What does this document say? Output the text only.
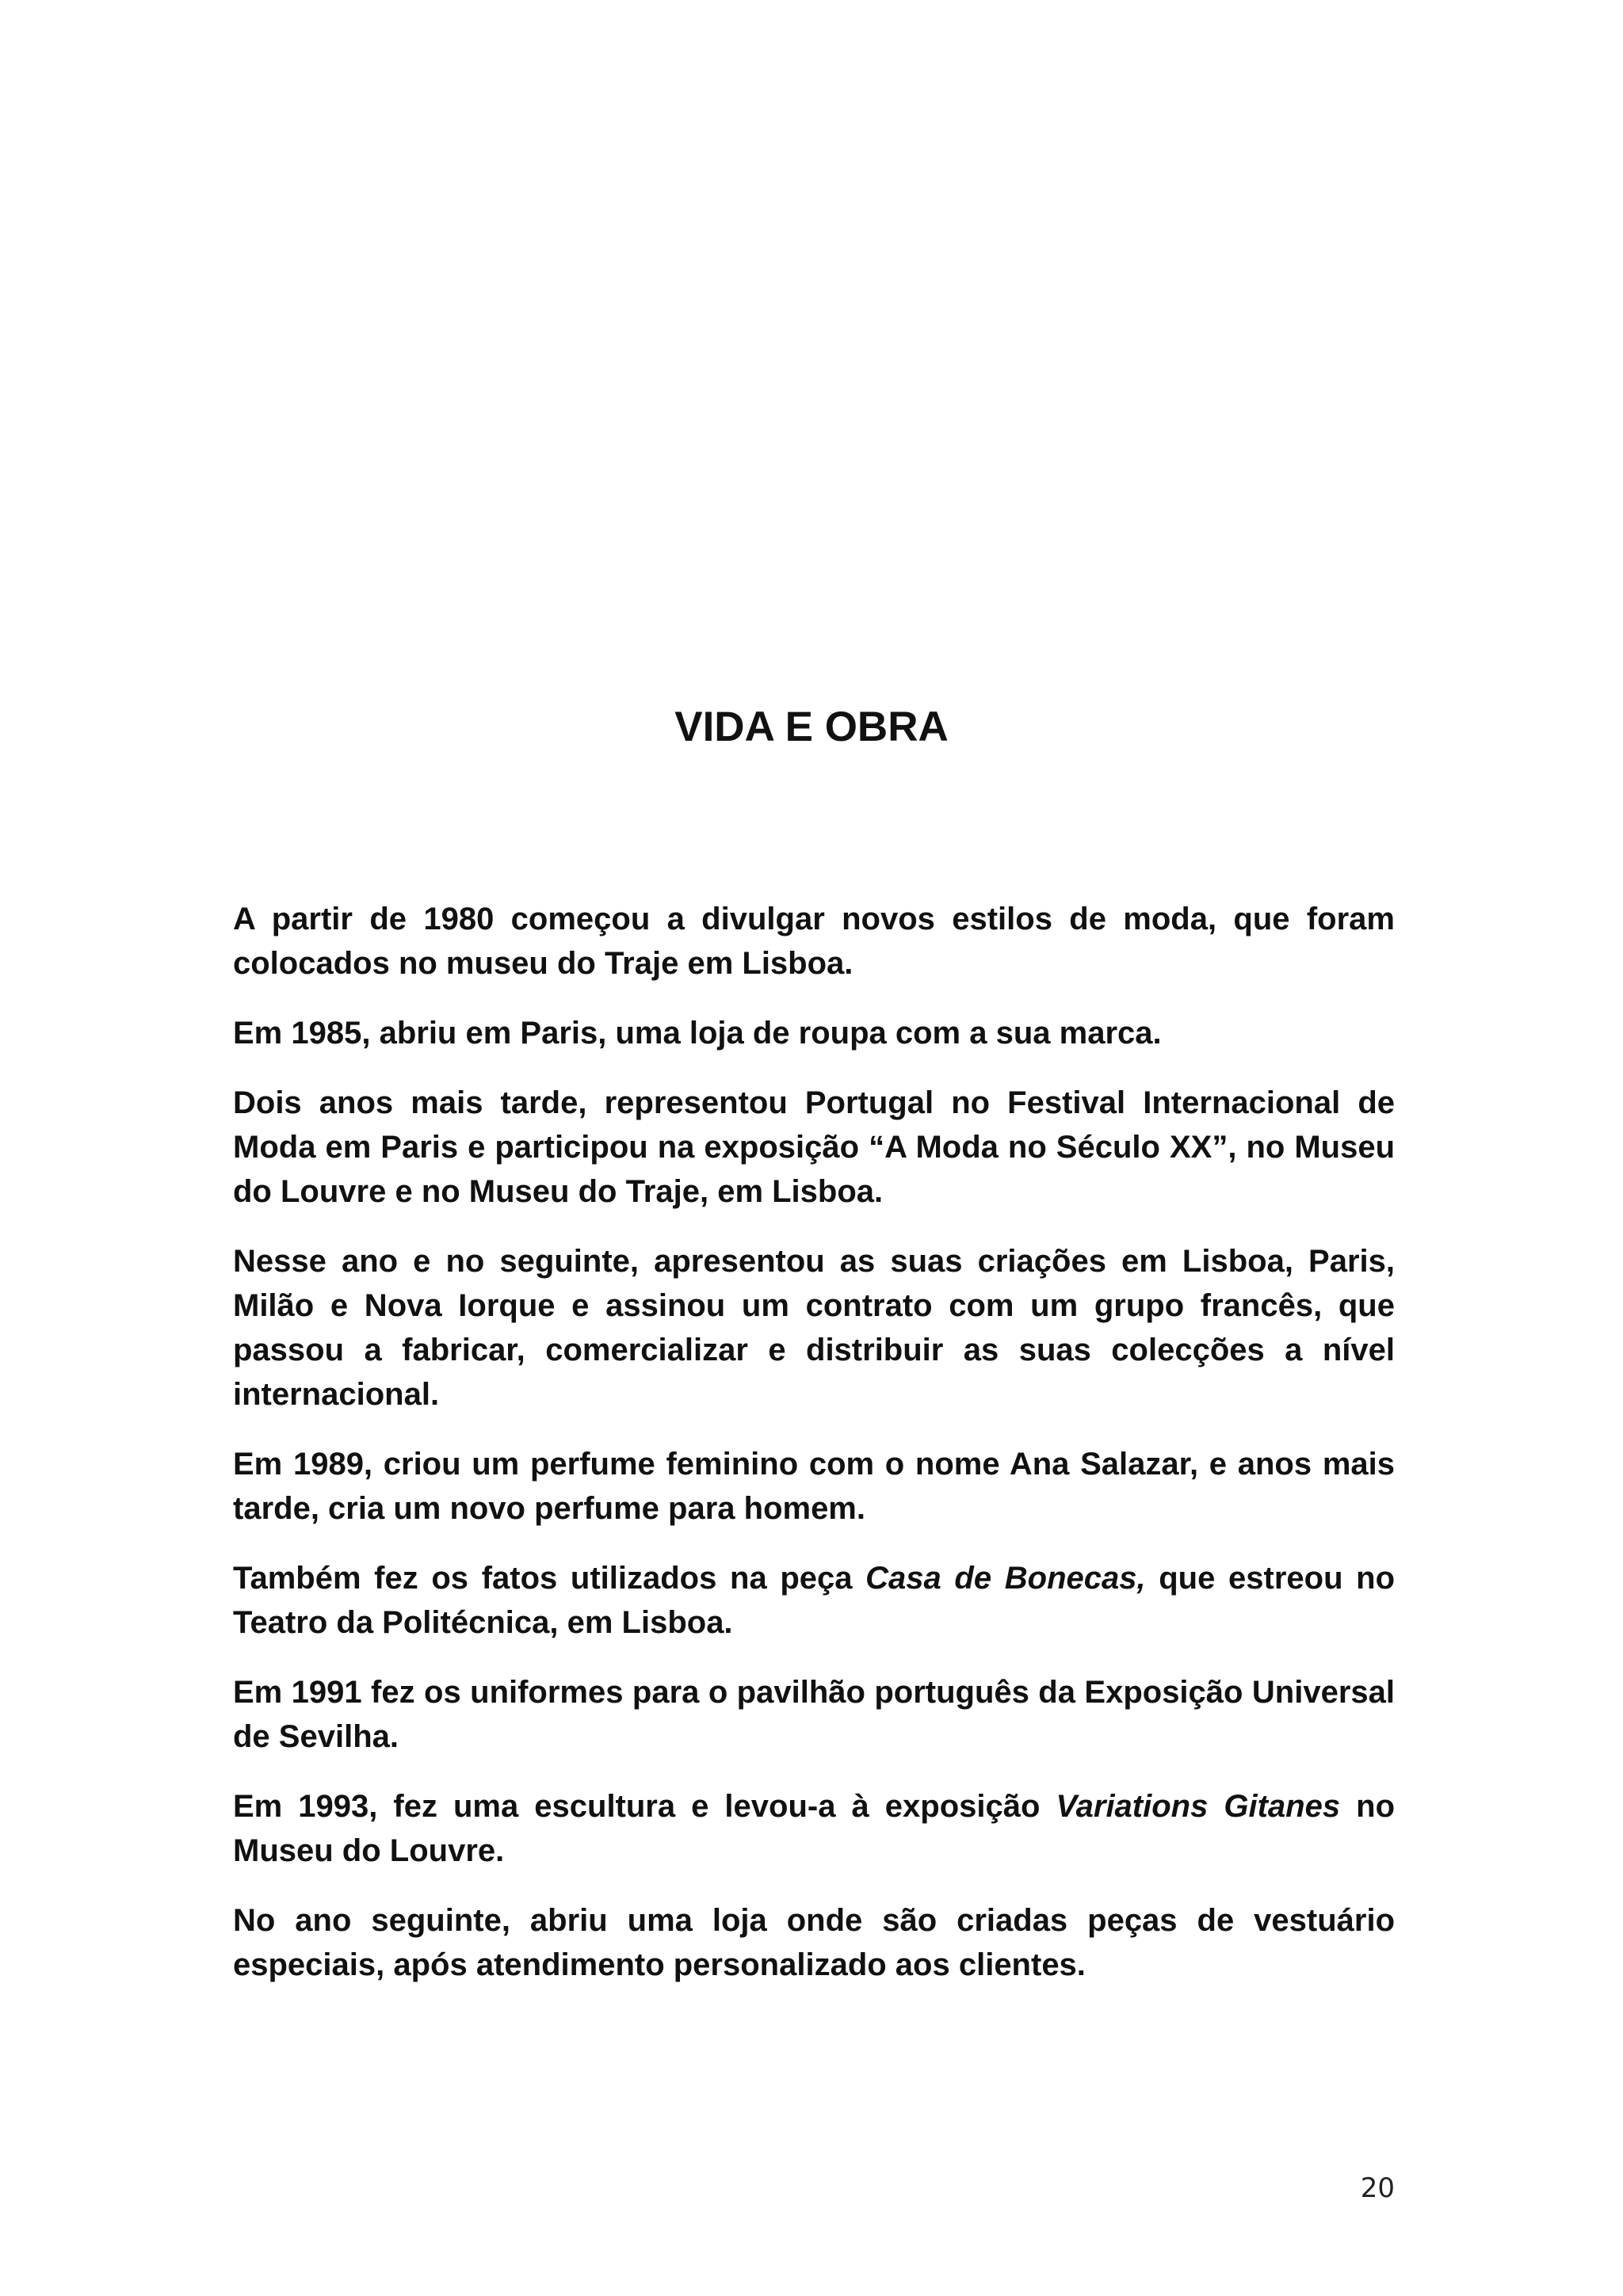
VIDA E OBRA

A partir de 1980 começou a divulgar novos estilos de moda, que foram colocados no museu do Traje em Lisboa.

Em 1985, abriu em Paris, uma loja de roupa com a sua marca.

Dois anos mais tarde, representou Portugal no Festival Internacional de Moda em Paris e participou na exposição “A Moda no Século XX”, no Museu do Louvre e no Museu do Traje, em Lisboa.

Nesse ano e no seguinte, apresentou as suas criações em Lisboa, Paris, Milão e Nova Iorque e assinou um contrato com um grupo francês, que passou a fabricar, comercializar e distribuir as suas colecções a nível internacional.

Em 1989, criou um perfume feminino com o nome Ana Salazar, e anos mais tarde, cria um novo perfume para homem.

Também fez os fatos utilizados na peça Casa de Bonecas, que estreou no Teatro da Politécnica, em Lisboa.

Em 1991 fez os uniformes para o pavilhão português da Exposição Universal de Sevilha.

Em 1993, fez uma escultura e levou-a à exposição Variations Gitanes no Museu do Louvre.

No ano seguinte, abriu uma loja onde são criadas peças de vestuário especiais, após atendimento personalizado aos clientes.

20
